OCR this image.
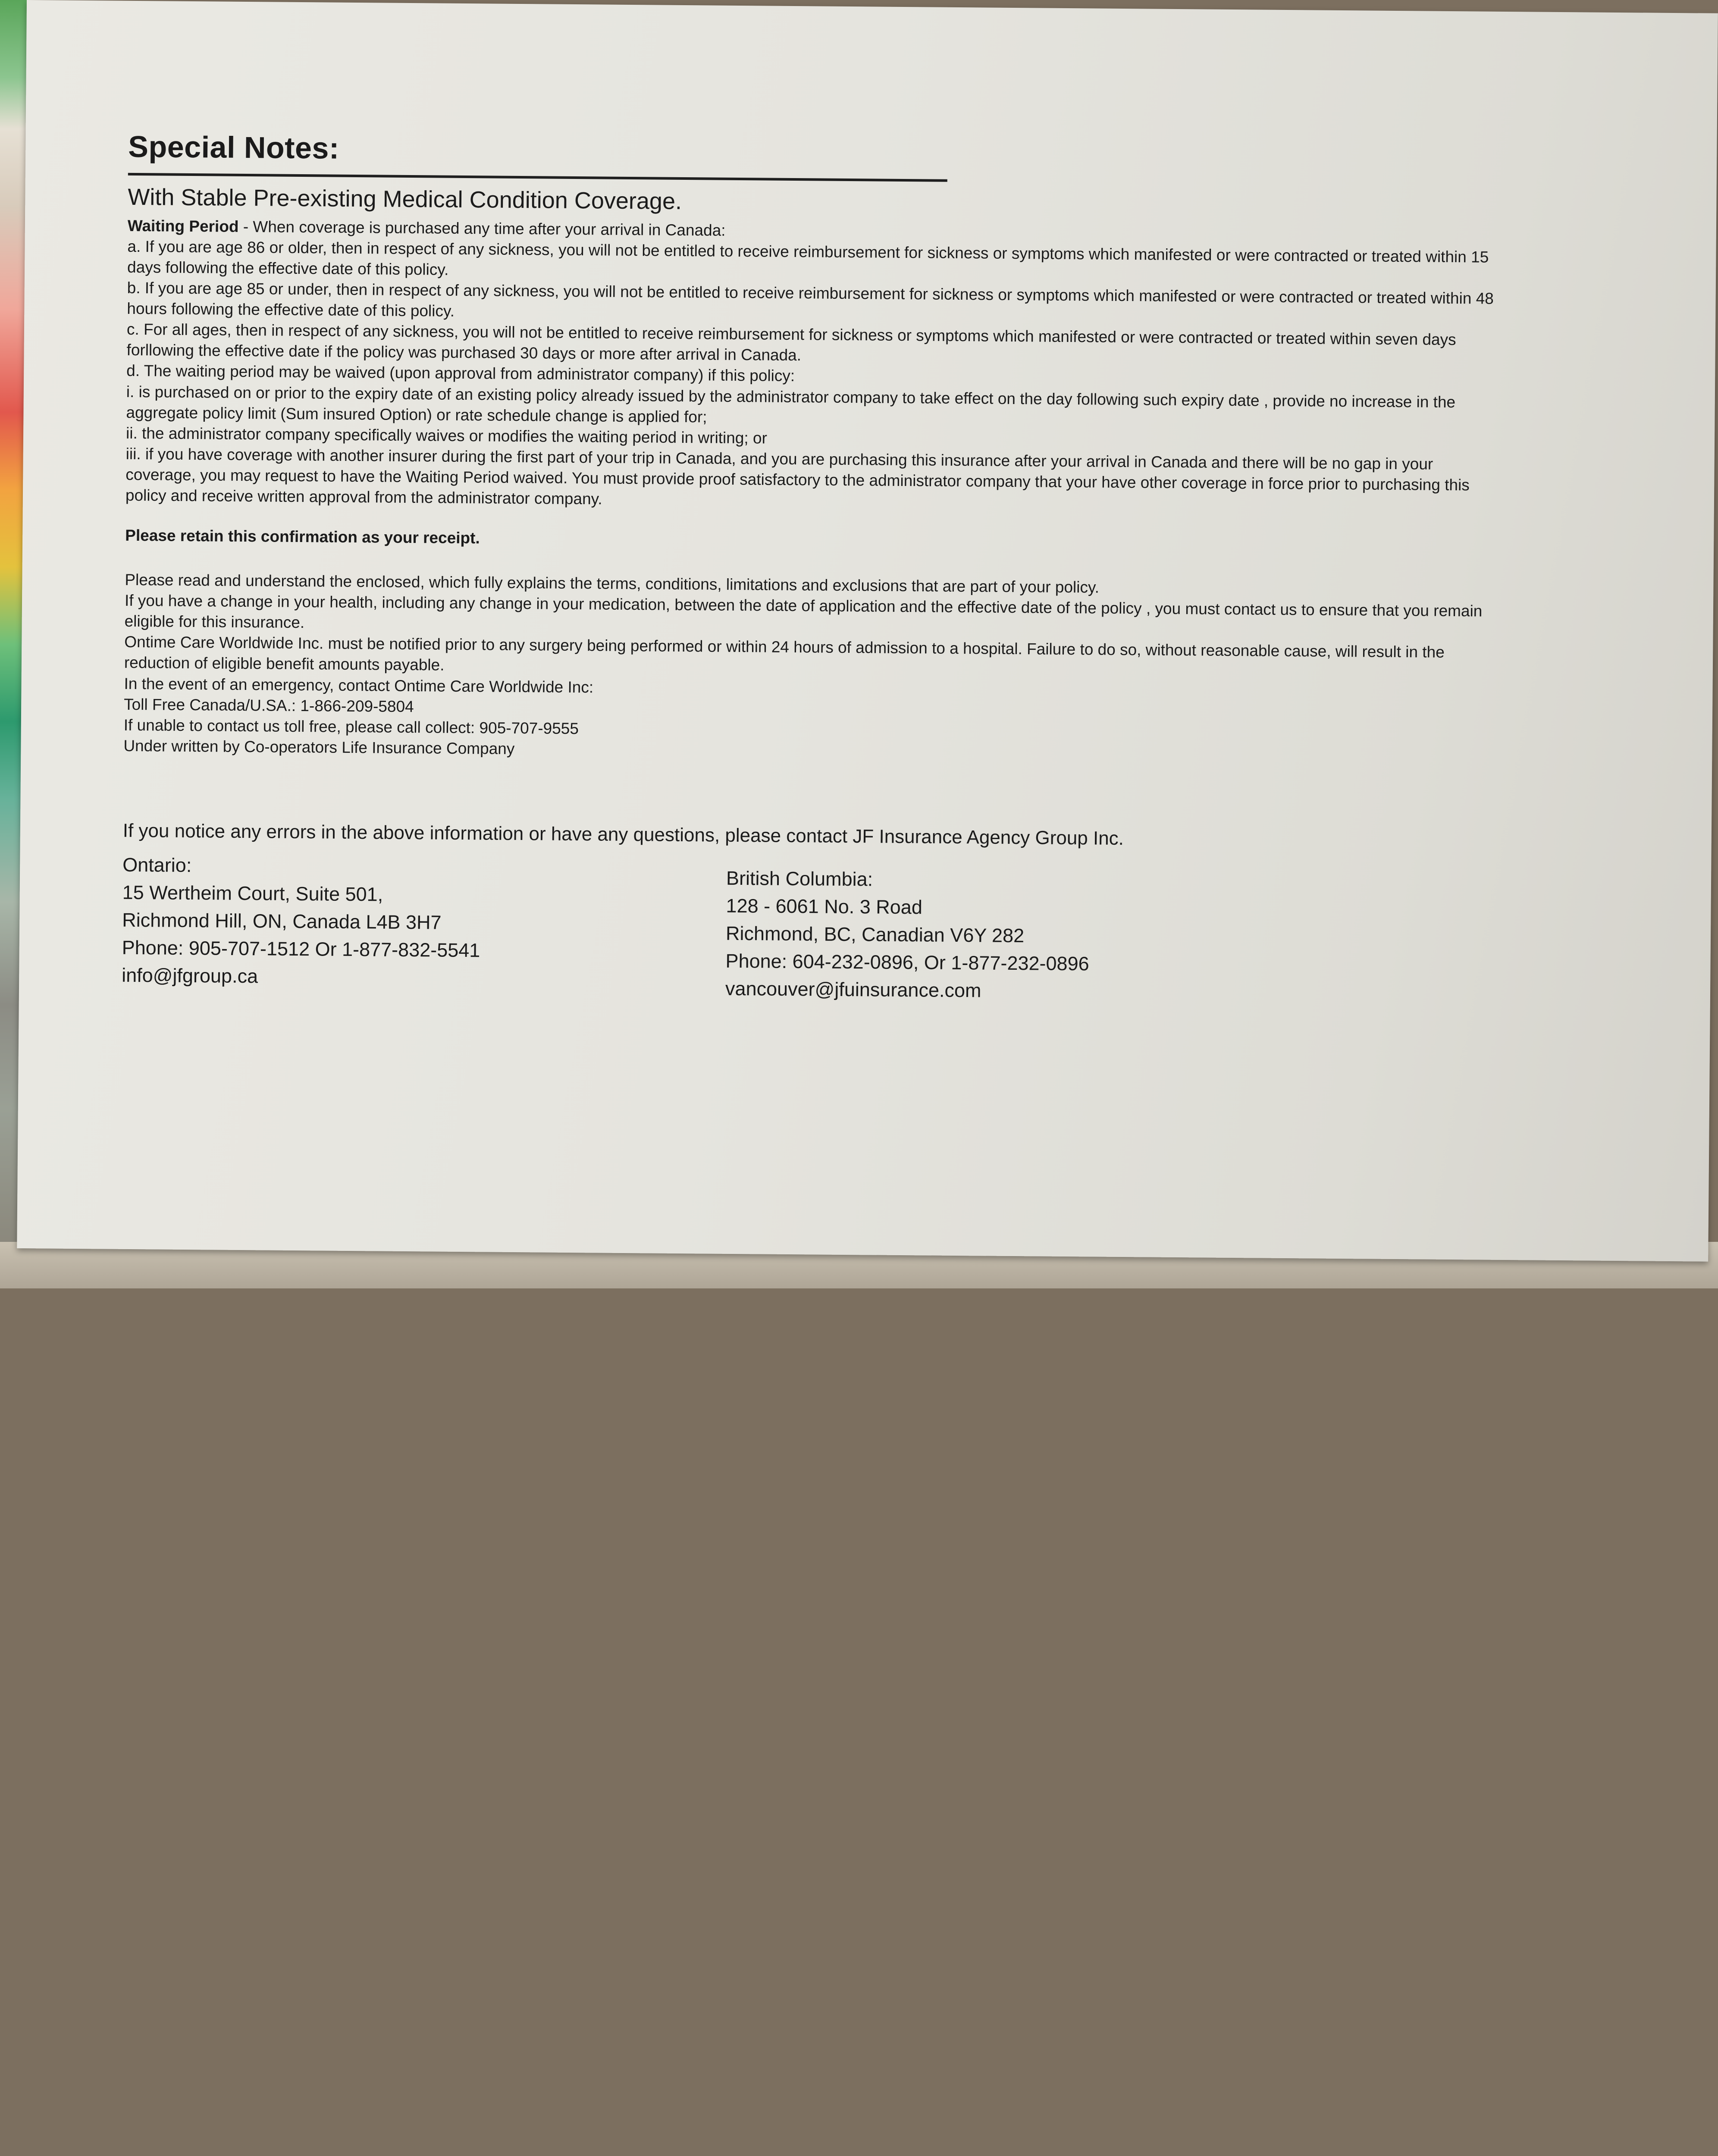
Special Notes:
With Stable Pre-existing Medical Condition Coverage.

Waiting Period - When coverage is purchased any time after your arrival in Canada:

a. If you are age 86 or older, then in respect of any sickness, you will not be entitled to receive reimbursement for sickness or symptoms which manifested or were contracted or treated within 15 days following the effective date of this policy.

b. If you are age 85 or under, then in respect of any sickness, you will not be entitled to receive reimbursement for sickness or symptoms which manifested or were contracted or treated within 48 hours following the effective date of this policy.

c. For all ages, then in respect of any sickness, you will not be entitled to receive reimbursement for sickness or symptoms which manifested or were contracted or treated within seven days forllowing the effective date if the policy was purchased 30 days or more after arrival in Canada.

d. The waiting period may be waived (upon approval from administrator company) if this policy:

i. is purchased on or prior to the expiry date of an existing policy already issued by the administrator company to take effect on the day following such expiry date , provide no increase in the aggregate policy limit (Sum insured Option) or rate schedule change is applied for;

ii. the administrator company specifically waives or modifies the waiting period in writing; or

iii. if you have coverage with another insurer during the first part of your trip in Canada, and you are purchasing this insurance after your arrival in Canada and there will be no gap in your coverage, you may request to have the Waiting Period waived. You must provide proof satisfactory to the administrator company that your have other coverage in force prior to purchasing this policy and receive written approval from the administrator company.

Please retain this confirmation as your receipt.

Please read and understand the enclosed, which fully explains the terms, conditions, limitations and exclusions that are part of your policy.

If you have a change in your health, including any change in your medication, between the date of application and the effective date of the policy , you must contact us to ensure that you remain eligible for this insurance.

Ontime Care Worldwide Inc. must be notified prior to any surgery being performed or within 24 hours of admission to a hospital. Failure to do so, without reasonable cause, will result in the reduction of eligible benefit amounts payable.

In the event of an emergency, contact Ontime Care Worldwide Inc:

Toll Free Canada/U.SA.: 1-866-209-5804

If unable to contact us toll free, please call collect: 905-707-9555

Under written by Co-operators Life Insurance Company

If you notice any errors in the above information or have any questions, please contact JF Insurance Agency Group Inc.

Ontario:

15 Wertheim Court, Suite 501,

Richmond Hill, ON, Canada L4B 3H7

Phone: 905-707-1512 Or 1-877-832-5541

info@jfgroup.ca

British Columbia:

128 - 6061 No. 3 Road

Richmond, BC, Canadian V6Y 282

Phone: 604-232-0896, Or 1-877-232-0896

vancouver@jfuinsurance.com
